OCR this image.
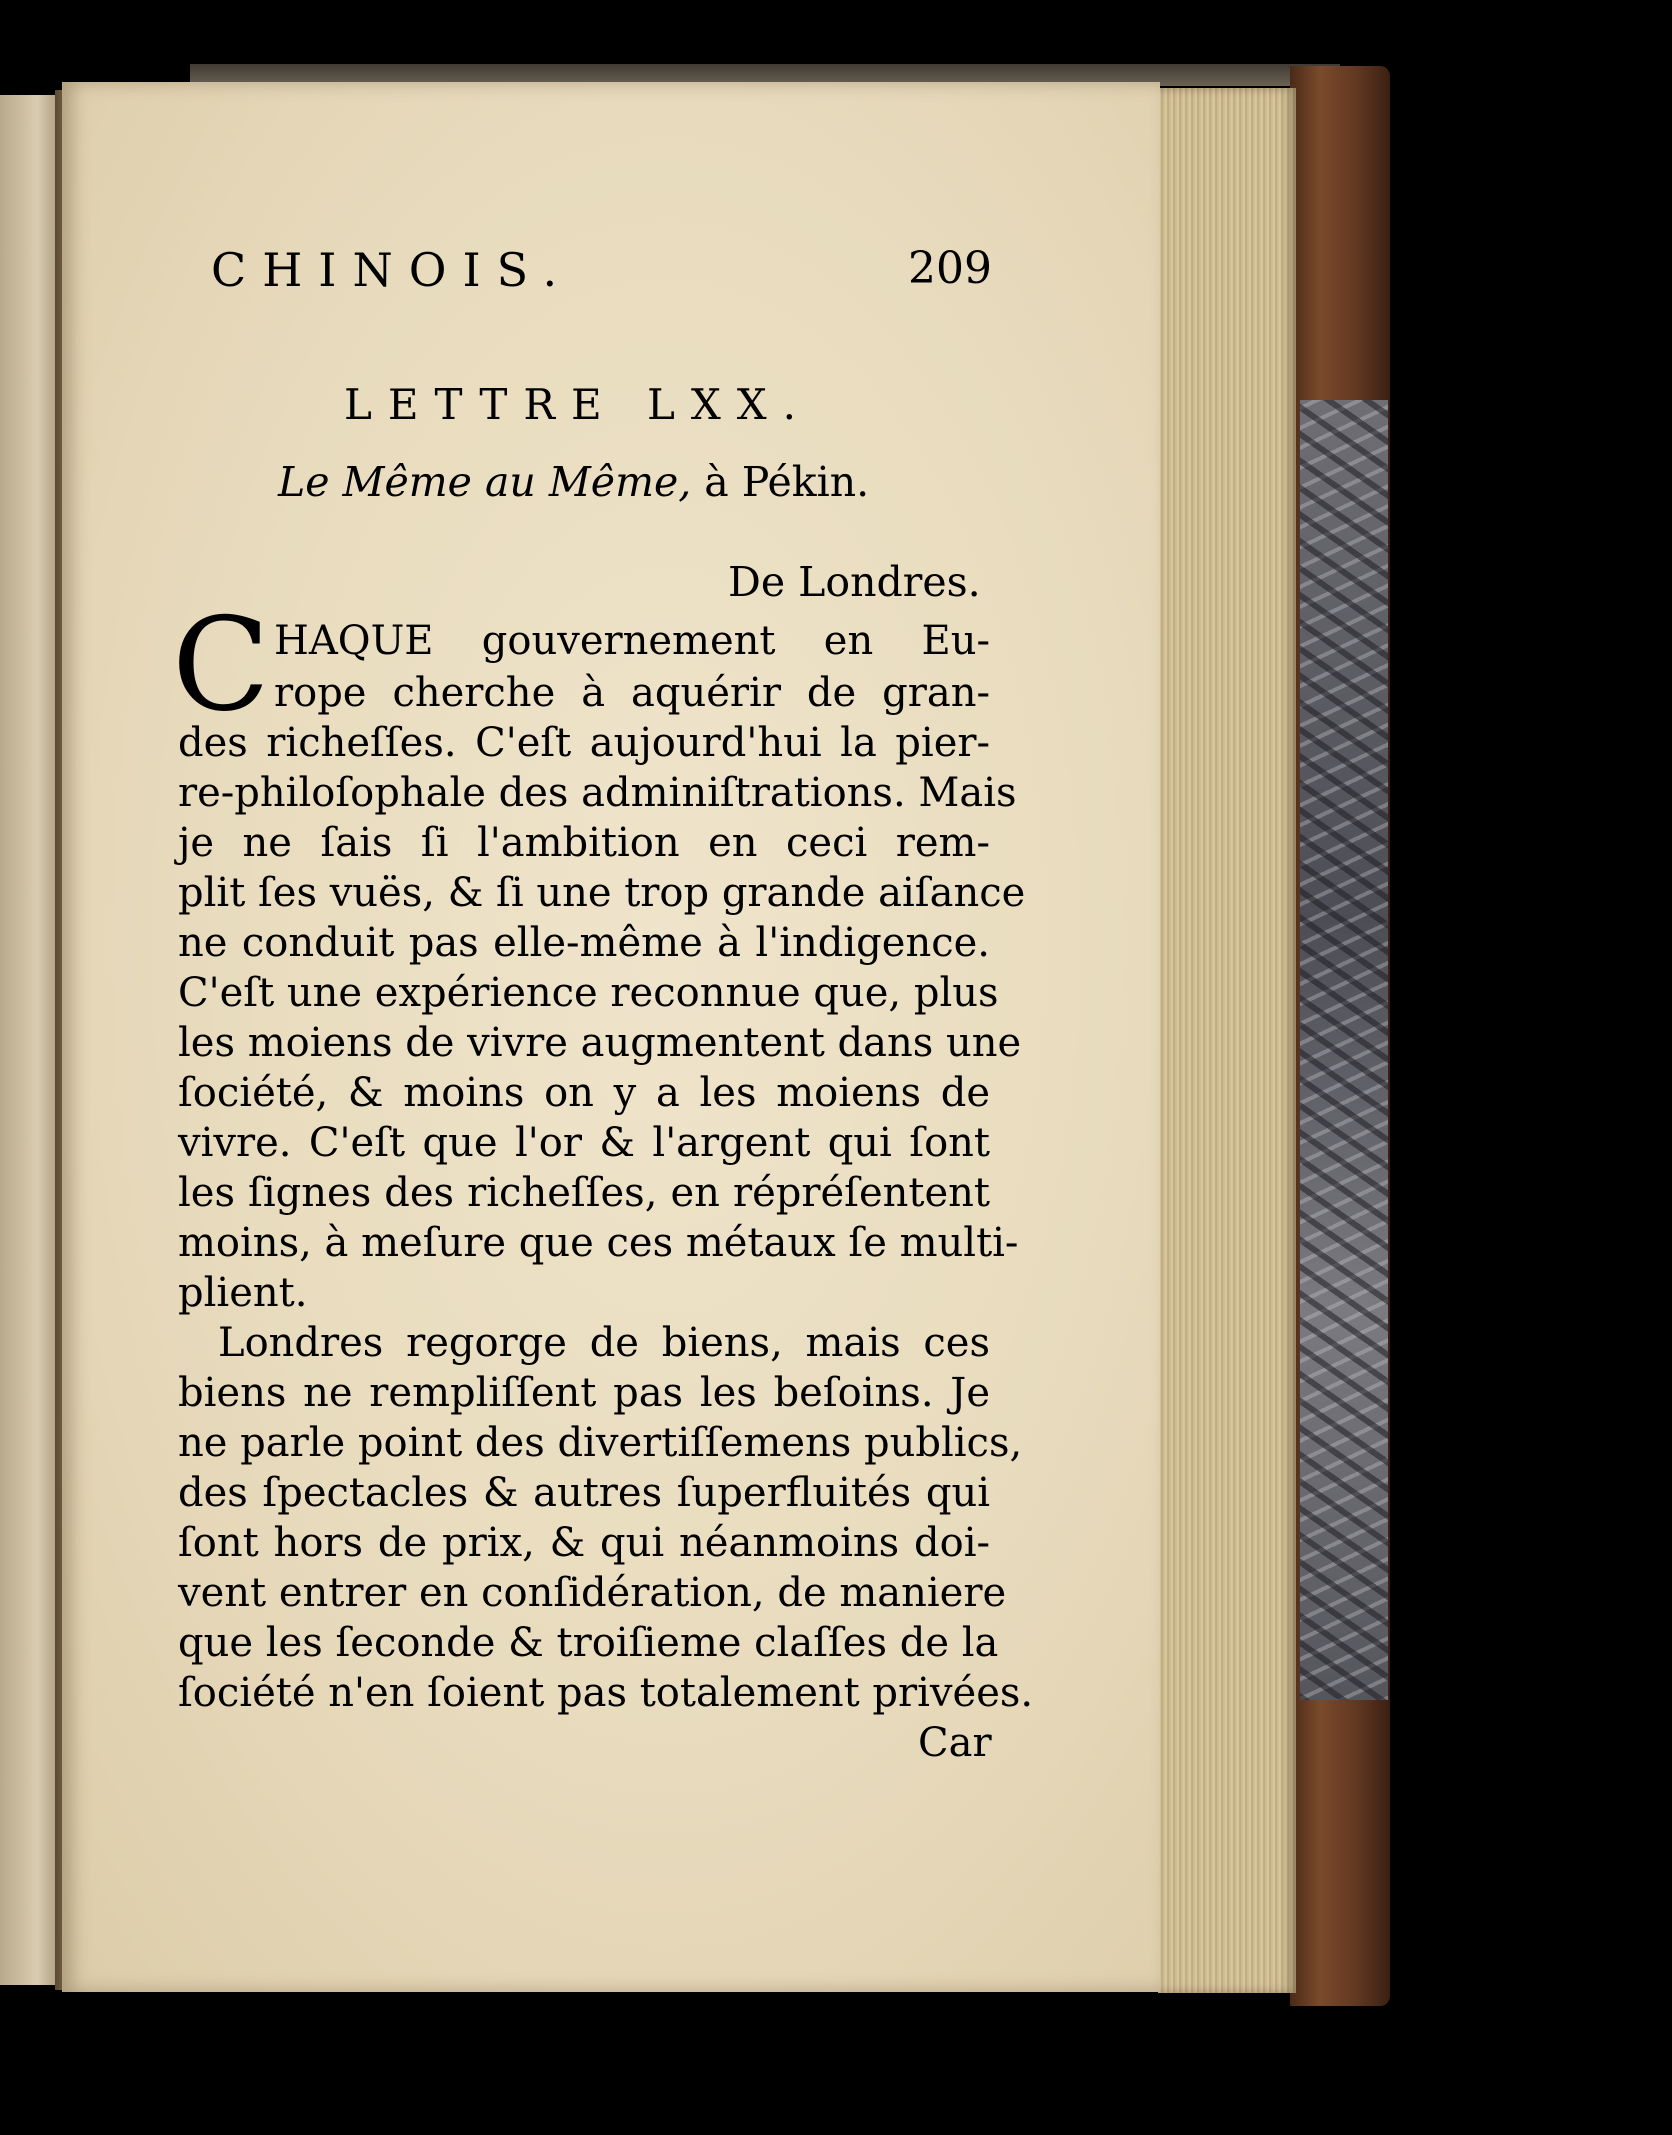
CHINOIS.	209
LETTRE LXX.
Le Même au Même, à Pékin.
De Londres.
C HAQUE gouvernement en Eu-
rope cherche à aquérir de gran-
des richeſſes. C'eſt aujourd'hui la pier-
re-philoſophale des adminiſtrations. Mais
je ne ſais ſi l'ambition en ceci rem-
plit ſes vuës, & ſi une trop grande aiſance
ne conduit pas elle-même à l'indigence.
C'eſt une expérience reconnue que, plus
les moiens de vivre augmentent dans une
ſociété, & moins on y a les moiens de
vivre. C'eſt que l'or & l'argent qui ſont
les ſignes des richeſſes, en répréſentent
moins, à meſure que ces métaux ſe multi-
plient.
Londres regorge de biens, mais ces
biens ne rempliſſent pas les beſoins. Je
ne parle point des divertiſſemens publics,
des ſpectacles & autres ſuperfluités qui
ſont hors de prix, & qui néanmoins doi-
vent entrer en conſidération, de maniere
que les ſeconde & troiſieme claſſes de la
ſociété n'en ſoient pas totalement privées.
Car
